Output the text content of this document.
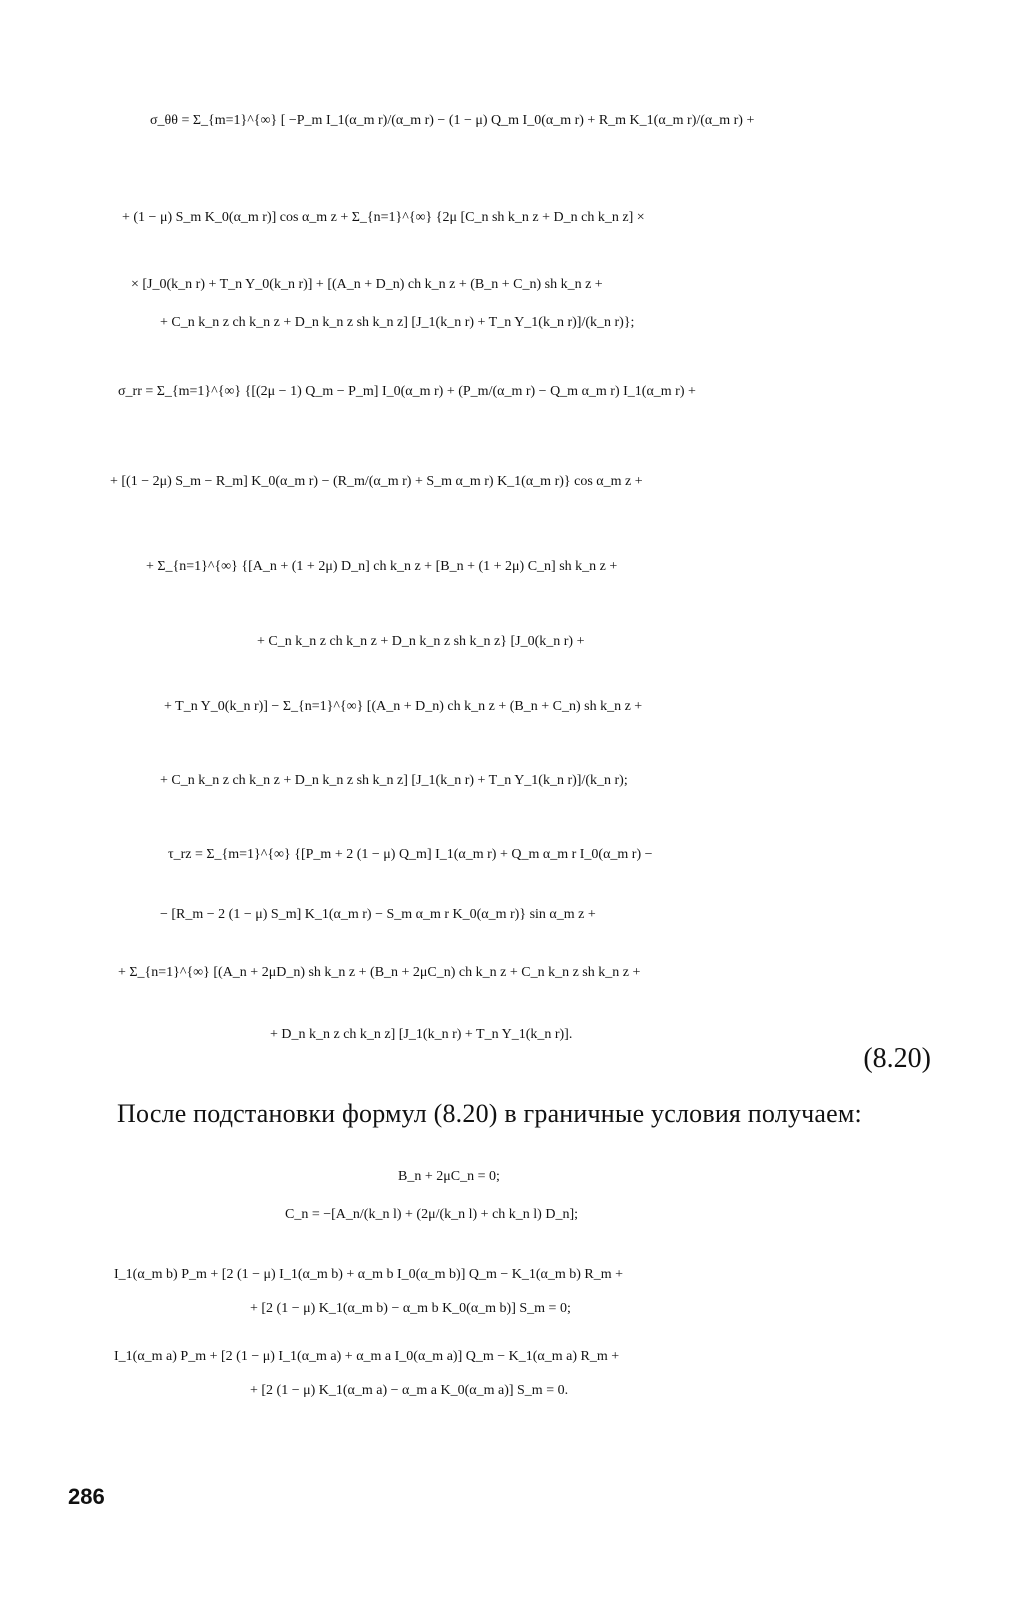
σ_θθ = Σ_{m=1}^{∞} [ −P_m I_1(α_m r)/(α_m r) − (1 − μ) Q_m I_0(α_m r) + R_m K_1(α_m r)/(α_m r) +
+ (1 − μ) S_m K_0(α_m r)] cos α_m z + Σ_{n=1}^{∞} {2μ [C_n sh k_n z + D_n ch k_n z] ×
× [J_0(k_n r) + T_n Y_0(k_n r)] + [(A_n + D_n) ch k_n z + (B_n + C_n) sh k_n z +
+ C_n k_n z ch k_n z + D_n k_n z sh k_n z] [J_1(k_n r) + T_n Y_1(k_n r)]/(k_n r)};
σ_rr = Σ_{m=1}^{∞} {[(2μ − 1) Q_m − P_m] I_0(α_m r) + (P_m/(α_m r) − Q_m α_m r) I_1(α_m r) +
+ [(1 − 2μ) S_m − R_m] K_0(α_m r) − (R_m/(α_m r) + S_m α_m r) K_1(α_m r)} cos α_m z +
+ Σ_{n=1}^{∞} {[A_n + (1 + 2μ) D_n] ch k_n z + [B_n + (1 + 2μ) C_n] sh k_n z +
+ C_n k_n z ch k_n z + D_n k_n z sh k_n z} [J_0(k_n r) +
+ T_n Y_0(k_n r)] − Σ_{n=1}^{∞} [(A_n + D_n) ch k_n z + (B_n + C_n) sh k_n z +
+ C_n k_n z ch k_n z + D_n k_n z sh k_n z] [J_1(k_n r) + T_n Y_1(k_n r)]/(k_n r);
τ_rz = Σ_{m=1}^{∞} {[P_m + 2 (1 − μ) Q_m] I_1(α_m r) + Q_m α_m r I_0(α_m r) −
− [R_m − 2 (1 − μ) S_m] K_1(α_m r) − S_m α_m r K_0(α_m r)} sin α_m z +
+ Σ_{n=1}^{∞} [(A_n + 2μD_n) sh k_n z + (B_n + 2μC_n) ch k_n z + C_n k_n z sh k_n z +
+ D_n k_n z ch k_n z] [J_1(k_n r) + T_n Y_1(k_n r)].
(8.20)
После подстановки формул (8.20) в граничные условия получаем:
B_n + 2μC_n = 0;
C_n = −[A_n/(k_n l) + (2μ/(k_n l) + ch k_n l) D_n];
I_1(α_m b) P_m + [2 (1 − μ) I_1(α_m b) + α_m b I_0(α_m b)] Q_m − K_1(α_m b) R_m +
+ [2 (1 − μ) K_1(α_m b) − α_m b K_0(α_m b)] S_m = 0;
I_1(α_m a) P_m + [2 (1 − μ) I_1(α_m a) + α_m a I_0(α_m a)] Q_m − K_1(α_m a) R_m +
+ [2 (1 − μ) K_1(α_m a) − α_m a K_0(α_m a)] S_m = 0.
286
